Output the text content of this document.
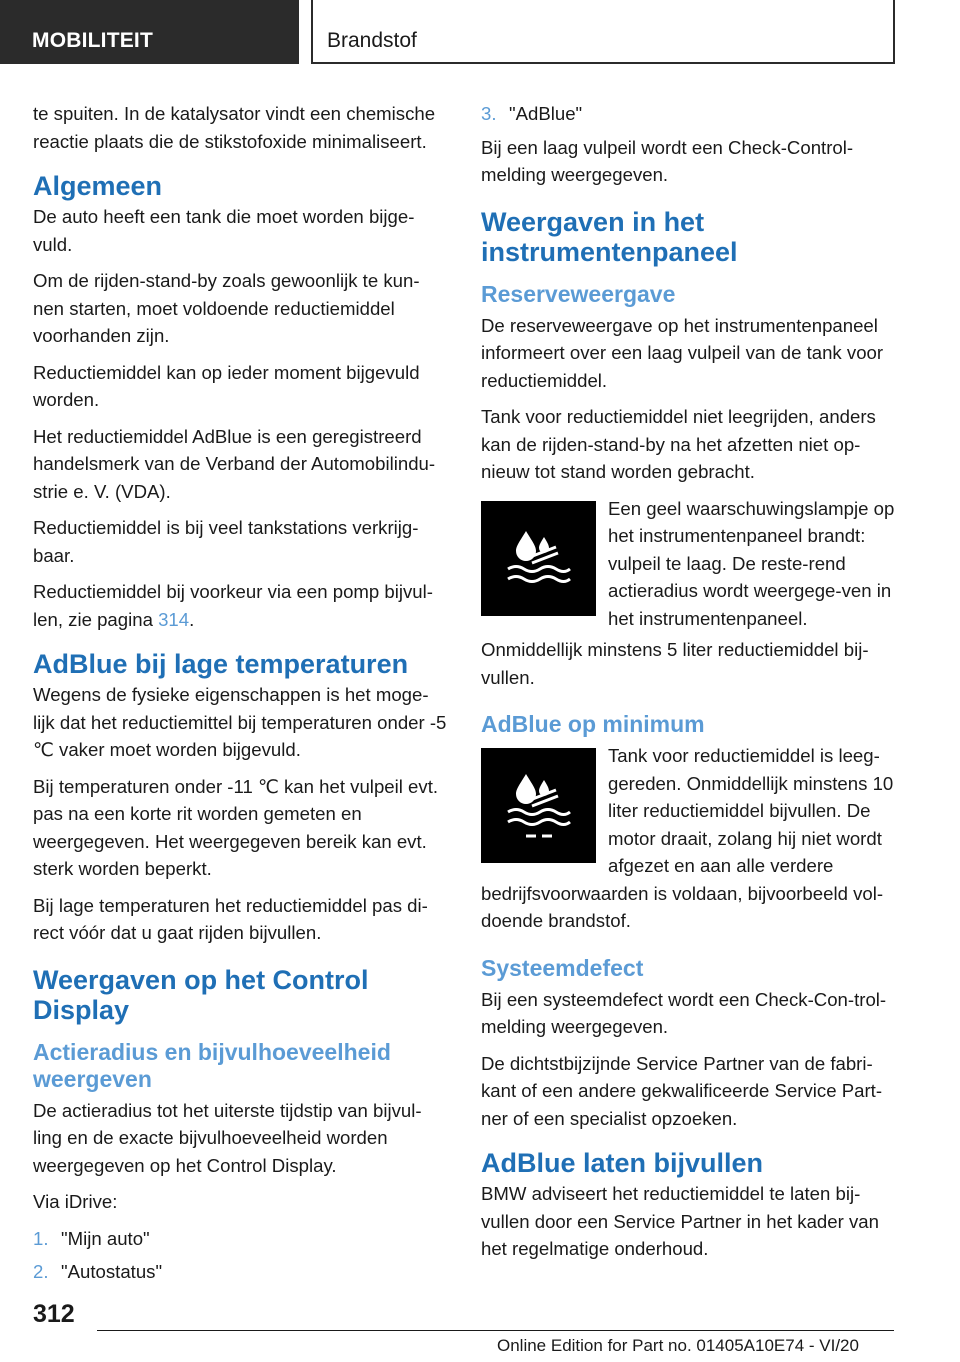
MOBILITEIT	Brandstof

te spuiten. In de katalysator vindt een chemische reactie plaats die de stikstofoxide minimaliseert.

Algemeen

De auto heeft een tank die moet worden bijge‐vuld.

Om de rijden-stand-by zoals gewoonlijk te kun‐nen starten, moet voldoende reductiemiddel voorhanden zijn.

Reductiemiddel kan op ieder moment bijgevuld worden.

Het reductiemiddel AdBlue is een geregistreerd handelsmerk van de Verband der Automobilindu‐strie e. V. (VDA).

Reductiemiddel is bij veel tankstations verkrijg‐baar.

Reductiemiddel bij voorkeur via een pomp bijvul‐len, zie pagina 314.

AdBlue bij lage temperaturen

Wegens de fysieke eigenschappen is het moge‐lijk dat het reductiemittel bij temperaturen onder -5 ℃ vaker moet worden bijgevuld.

Bij temperaturen onder -11 ℃ kan het vulpeil evt. pas na een korte rit worden gemeten en weergegeven. Het weergegeven bereik kan evt. sterk worden beperkt.

Bij lage temperaturen het reductiemiddel pas di‐rect vóór dat u gaat rijden bijvullen.

Weergaven op het Control Display
Actieradius en bijvulhoeveelheid weergeven

De actieradius tot het uiterste tijdstip van bijvul‐ling en de exacte bijvulhoeveelheid worden weergegeven op het Control Display.

Via iDrive:

1. "Mijn auto"
2. "Autostatus"
3. "AdBlue"

Bij een laag vulpeil wordt een Check-Control-melding weergegeven.

Weergaven in het instrumentenpaneel
Reserveweergave

De reserveweergave op het instrumentenpaneel informeert over een laag vulpeil van de tank voor reductiemiddel.

Tank voor reductiemiddel niet leegrijden, anders kan de rijden-stand-by na het afzetten niet op‐nieuw tot stand worden gebracht.

Een geel waarschuwingslampje op het instrumentenpaneel brandt: vulpeil te laag. De reste‐rend actieradius wordt weergege‐ven in het instrumentenpaneel.

Onmiddellijk minstens 5 liter reductiemiddel bij‐vullen.

AdBlue op minimum
Tank voor reductiemiddel is leeg‐gereden. Onmiddellijk minstens 10 liter reductiemiddel bijvullen. De motor draait, zolang hij niet wordt afgezet en aan alle verdere bedrijfsvoorwaarden is voldaan, bijvoorbeeld vol‐doende brandstof.
Systeemdefect

Bij een systeemdefect wordt een Check-Con‐trol-melding weergegeven.

De dichtstbijzijnde Service Partner van de fabri‐kant of een andere gekwalificeerde Service Part‐ner of een specialist opzoeken.

AdBlue laten bijvullen

BMW adviseert het reductiemiddel te laten bij‐vullen door een Service Partner in het kader van het regelmatige onderhoud.

312
Online Edition for Part no. 01405A10E74 - VI/20
